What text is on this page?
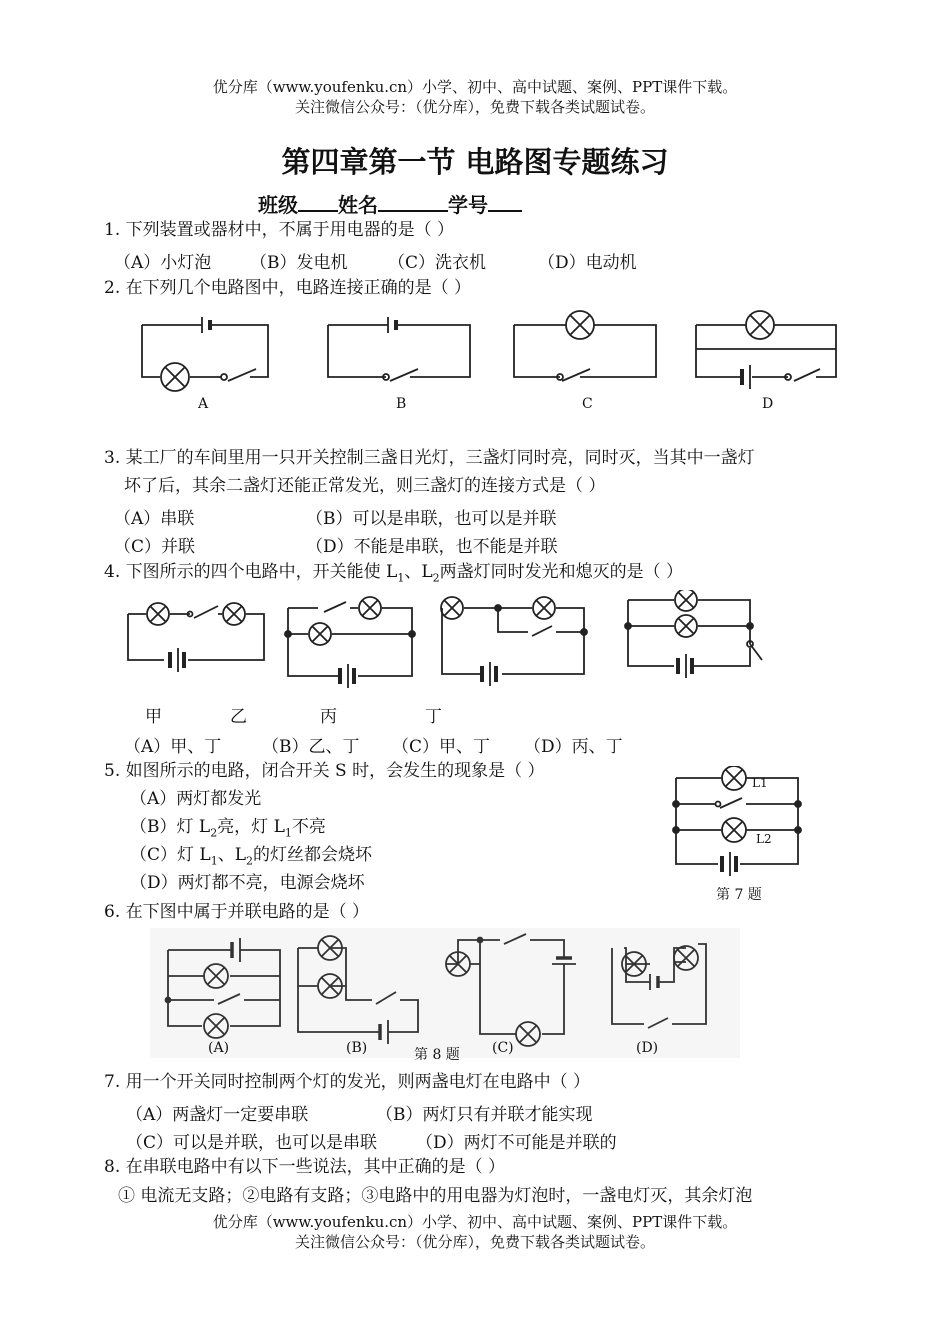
优分库（www.youfenku.cn）小学、初中、高中试题、案例、PPT课件下载。
关注微信公众号：（优分库），免费下载各类试题试卷。
第四章第一节 电路图专题练习
班级 姓名	学号
1. 下列装置或器材中，不属于用电器的是（ ）
（A）小灯泡 （B）发电机 （C）洗衣机	（D）电动机
2. 在下列几个电路图中，电路连接正确的是（ ）
A	B	C	D
3. 某工厂的车间里用一只开关控制三盏日光灯，三盏灯同时亮，同时灭，当其中一盏灯
坏了后，其余二盏灯还能正常发光，则三盏灯的连接方式是（ ）
（A）串联	（B）可以是串联，也可以是并联
（C）并联	（D）不能是串联，也不能是并联
4. 下图所示的四个电路中，开关能使 $L_1$、$L_2$两盏灯同时发光和熄灭的是（ ）
甲	乙	丙	丁
（A）甲、丁 （B）乙、丁 （C）甲、丁 （D）丙、丁
5. 如图所示的电路，闭合开关 S 时，会发生的现象是（ ）
（A）两灯都发光
（B）灯 $L_2$亮，灯 $L_1$不亮
（C）灯 $L_1$、$L_2$的灯丝都会烧坏
（D）两灯都不亮，电源会烧坏
L1
L2
第 7 题
6. 在下图中属于并联电路的是（ ）
(A)	(B)	第 8 题 (C)	(D)
7. 用一个开关同时控制两个灯的发光，则两盏电灯在电路中（ ）
（A）两盏灯一定要串联	（B）两灯只有并联才能实现
（C）可以是并联，也可以是串联 （D）两灯不可能是并联的
8. 在串联电路中有以下一些说法，其中正确的是（ ）
① 电流无支路；②电路有支路；③电路中的用电器为灯泡时，一盏电灯灭，其余灯泡
优分库（www.youfenku.cn）小学、初中、高中试题、案例、PPT课件下载。
关注微信公众号：（优分库），免费下载各类试题试卷。
